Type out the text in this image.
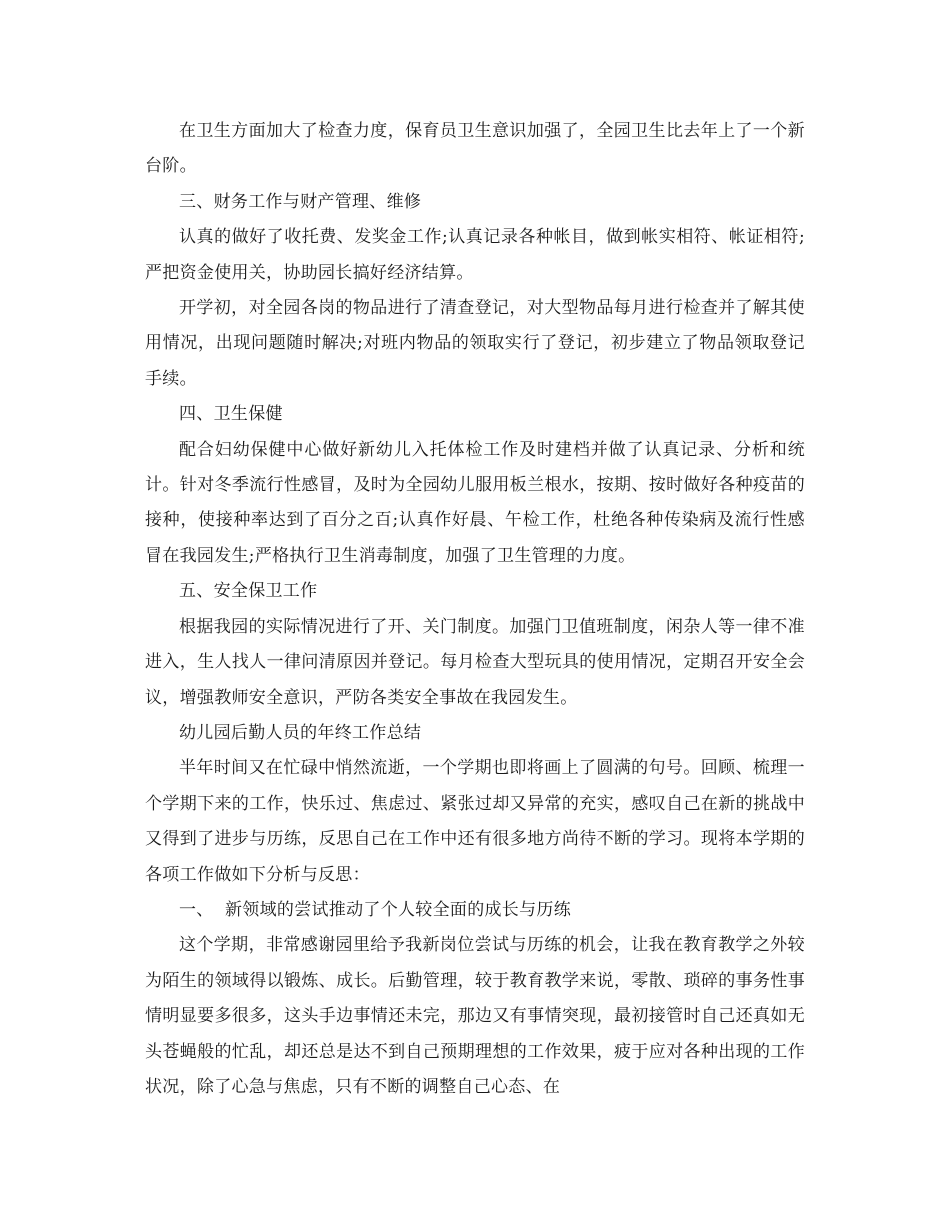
在卫生方面加大了检查力度，保育员卫生意识加强了，全园卫生比去年上了一个新台阶。

三、财务工作与财产管理、维修

认真的做好了收托费、发奖金工作;认真记录各种帐目，做到帐实相符、帐证相符;严把资金使用关，协助园长搞好经济结算。

开学初，对全园各岗的物品进行了清查登记，对大型物品每月进行检查并了解其使用情况，出现问题随时解决;对班内物品的领取实行了登记，初步建立了物品领取登记手续。

四、卫生保健

配合妇幼保健中心做好新幼儿入托体检工作及时建档并做了认真记录、分析和统计。针对冬季流行性感冒，及时为全园幼儿服用板兰根水，按期、按时做好各种疫苗的接种，使接种率达到了百分之百;认真作好晨、午检工作，杜绝各种传染病及流行性感冒在我园发生;严格执行卫生消毒制度，加强了卫生管理的力度。

五、安全保卫工作

根据我园的实际情况进行了开、关门制度。加强门卫值班制度，闲杂人等一律不准进入，生人找人一律问清原因并登记。每月检查大型玩具的使用情况，定期召开安全会议，增强教师安全意识，严防各类安全事故在我园发生。

幼儿园后勤人员的年终工作总结

半年时间又在忙碌中悄然流逝，一个学期也即将画上了圆满的句号。回顾、梳理一个学期下来的工作，快乐过、焦虑过、紧张过却又异常的充实，感叹自己在新的挑战中又得到了进步与历练，反思自己在工作中还有很多地方尚待不断的学习。现将本学期的各项工作做如下分析与反思：

一、  新领域的尝试推动了个人较全面的成长与历练

这个学期，非常感谢园里给予我新岗位尝试与历练的机会，让我在教育教学之外较为陌生的领域得以锻炼、成长。后勤管理，较于教育教学来说，零散、琐碎的事务性事情明显要多很多，这头手边事情还未完，那边又有事情突现，最初接管时自己还真如无头苍蝇般的忙乱，却还总是达不到自己预期理想的工作效果，疲于应对各种出现的工作状况，除了心急与焦虑，只有不断的调整自己心态、在
